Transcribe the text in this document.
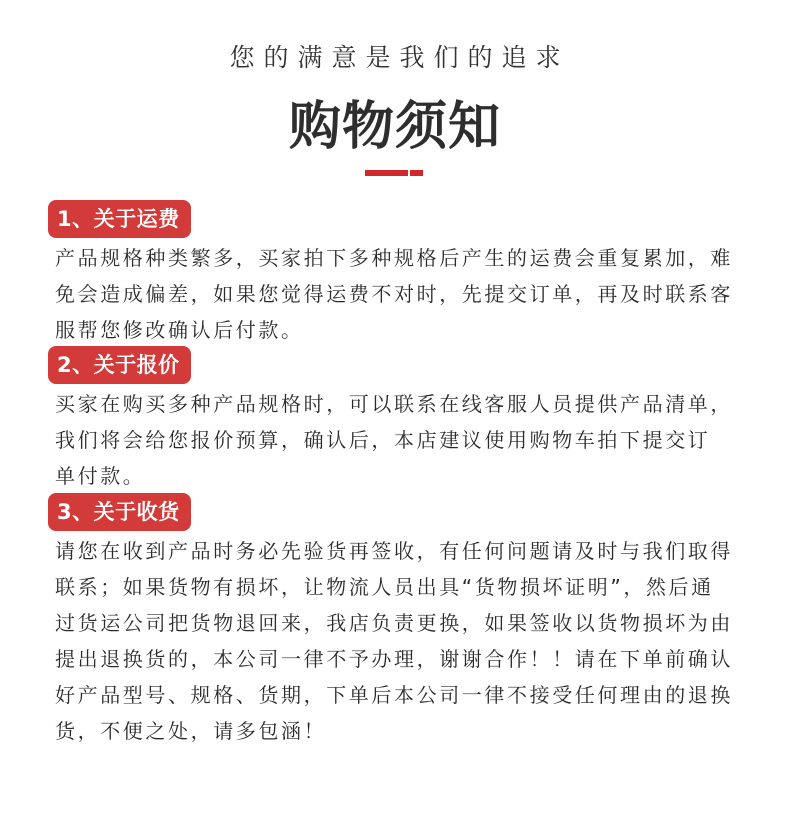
您的满意是我们的追求
购物须知
1、关于运费
产品规格种类繁多，买家拍下多种规格后产生的运费会重复累加，难
免会造成偏差，如果您觉得运费不对时，先提交订单，再及时联系客
服帮您修改确认后付款。
2、关于报价
买家在购买多种产品规格时，可以联系在线客服人员提供产品清单，
我们将会给您报价预算，确认后，本店建议使用购物车拍下提交订
单付款。
3、关于收货
请您在收到产品时务必先验货再签收，有任何问题请及时与我们取得
联系；如果货物有损坏，让物流人员出具“货物损坏证明”，然后通
过货运公司把货物退回来，我店负责更换，如果签收以货物损坏为由
提出退换货的，本公司一律不予办理，谢谢合作！！请在下单前确认
好产品型号、规格、货期，下单后本公司一律不接受任何理由的退换
货，不便之处，请多包涵！
